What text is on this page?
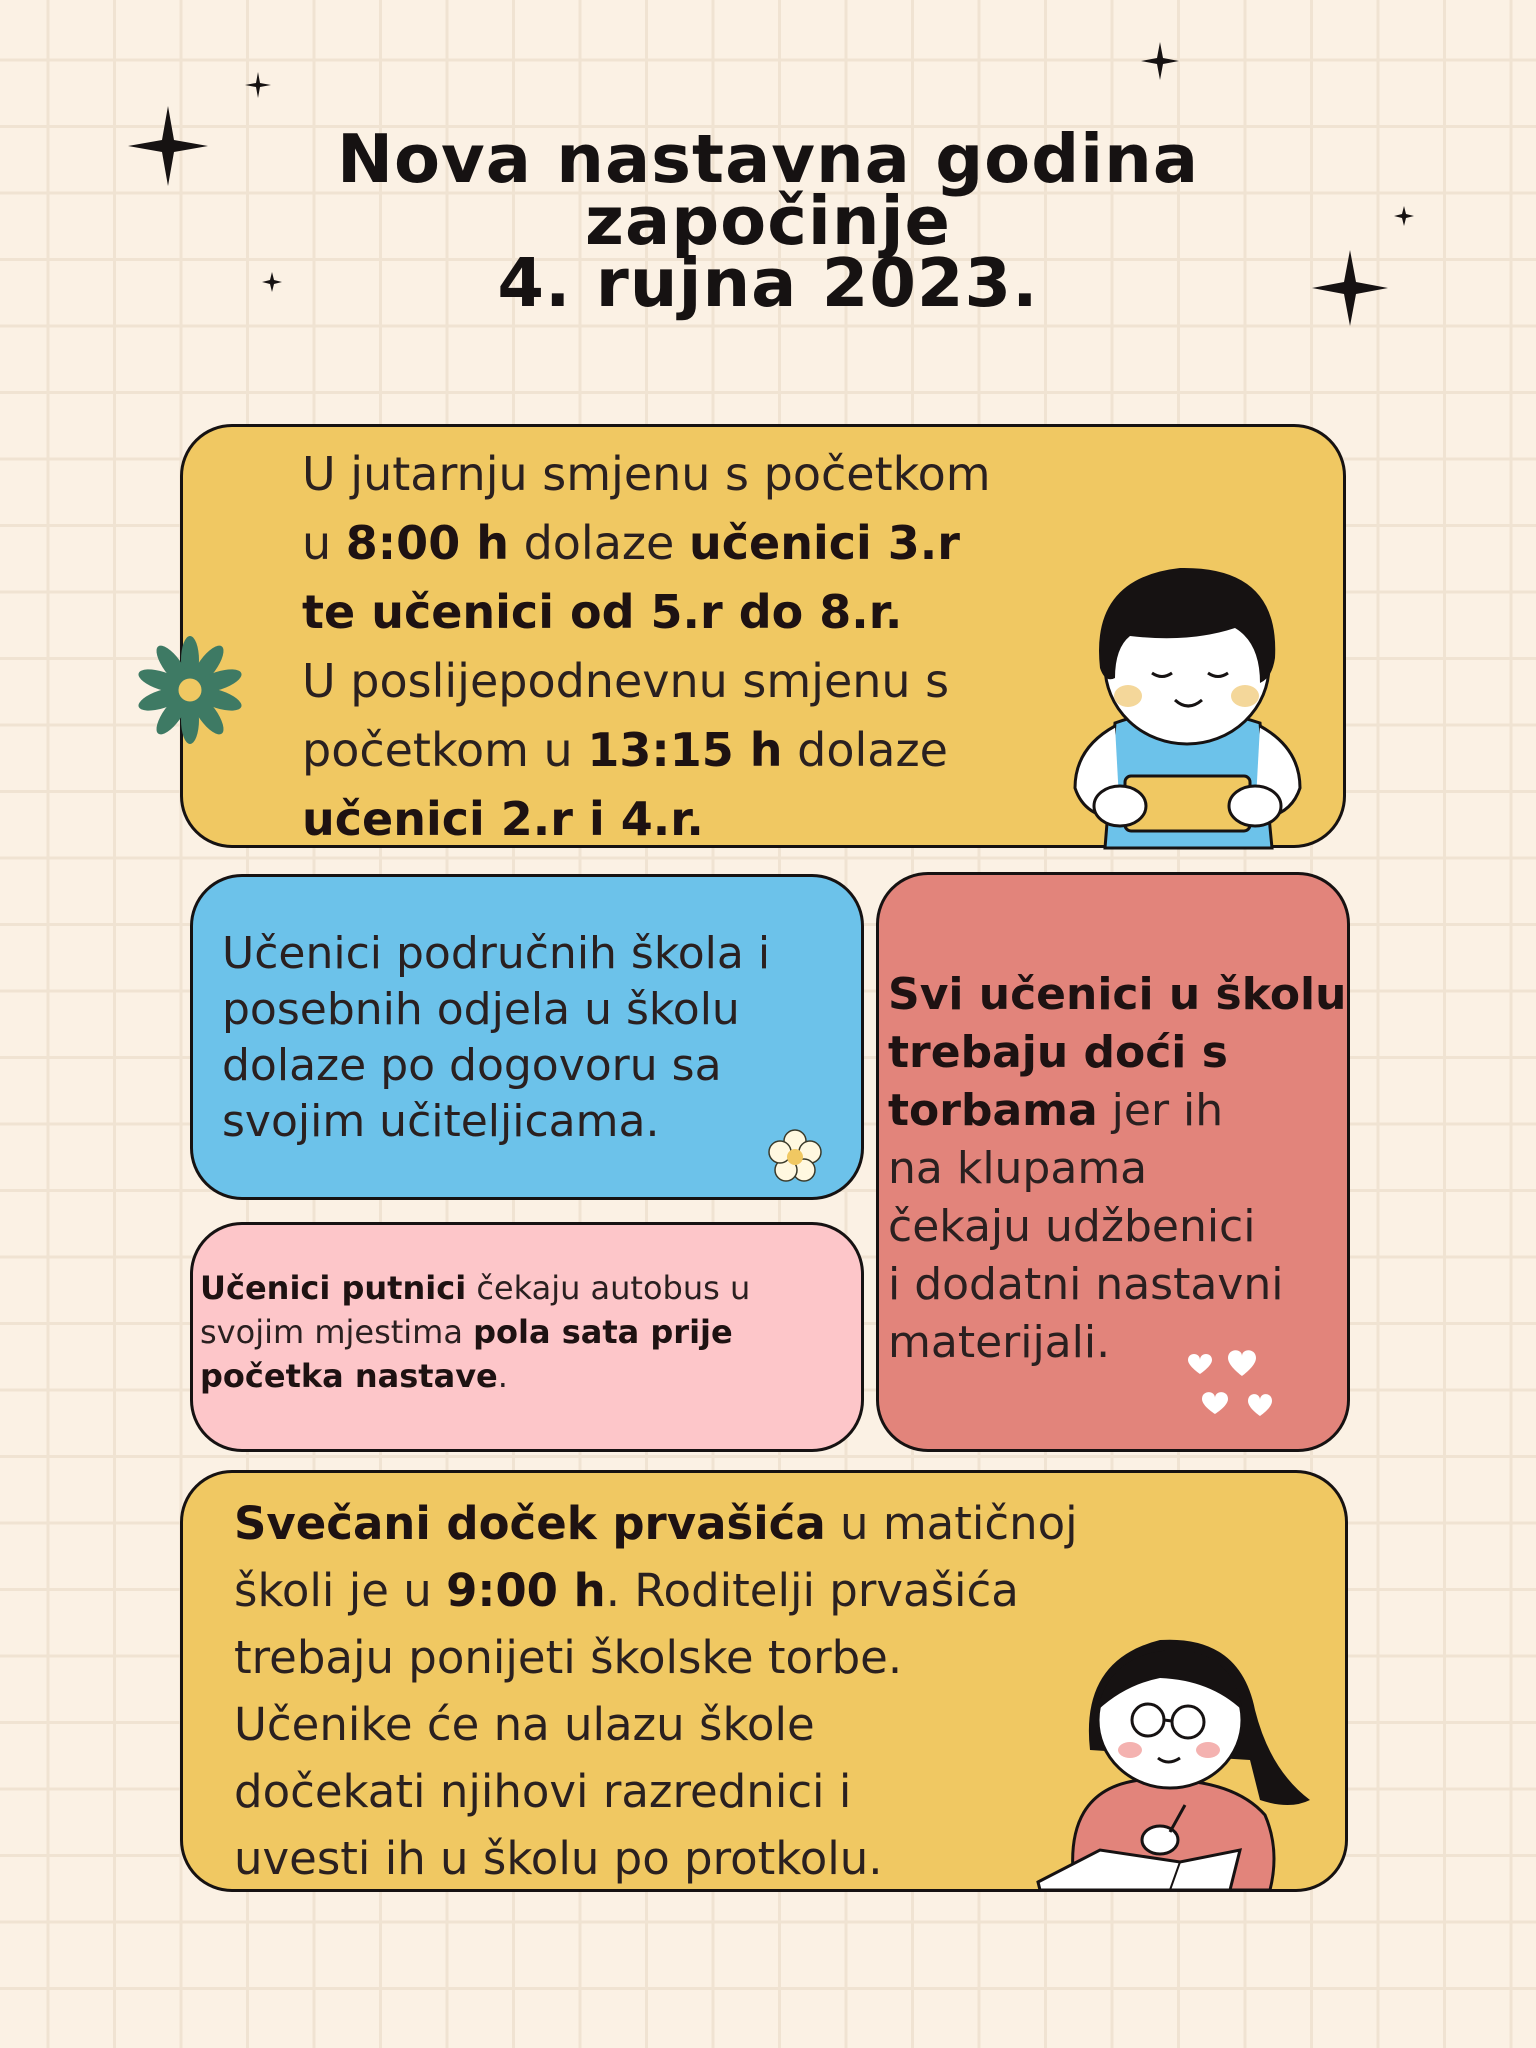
Nova nastavna godina
započinje
4. rujna 2023.
U jutarnju smjenu s početkom
u 8:00 h dolaze učenici 3.r
te učenici od 5.r do 8.r.
U poslijepodnevnu smjenu s
početkom u 13:15 h dolaze
učenici 2.r i 4.r.
Učenici područnih škola i
posebnih odjela u školu
dolaze po dogovoru sa
svojim učiteljicama.
Svi učenici u školu
trebaju doći s
torbama jer ih
na klupama
čekaju udžbenici
i dodatni nastavni
materijali.
Učenici putnici čekaju autobus u
svojim mjestima pola sata prije
početka nastave.
Svečani doček prvašića u matičnoj
školi je u 9:00 h. Roditelji prvašića
trebaju ponijeti školske torbe.
Učenike će na ulazu škole
dočekati njihovi razrednici i
uvesti ih u školu po protkolu.
